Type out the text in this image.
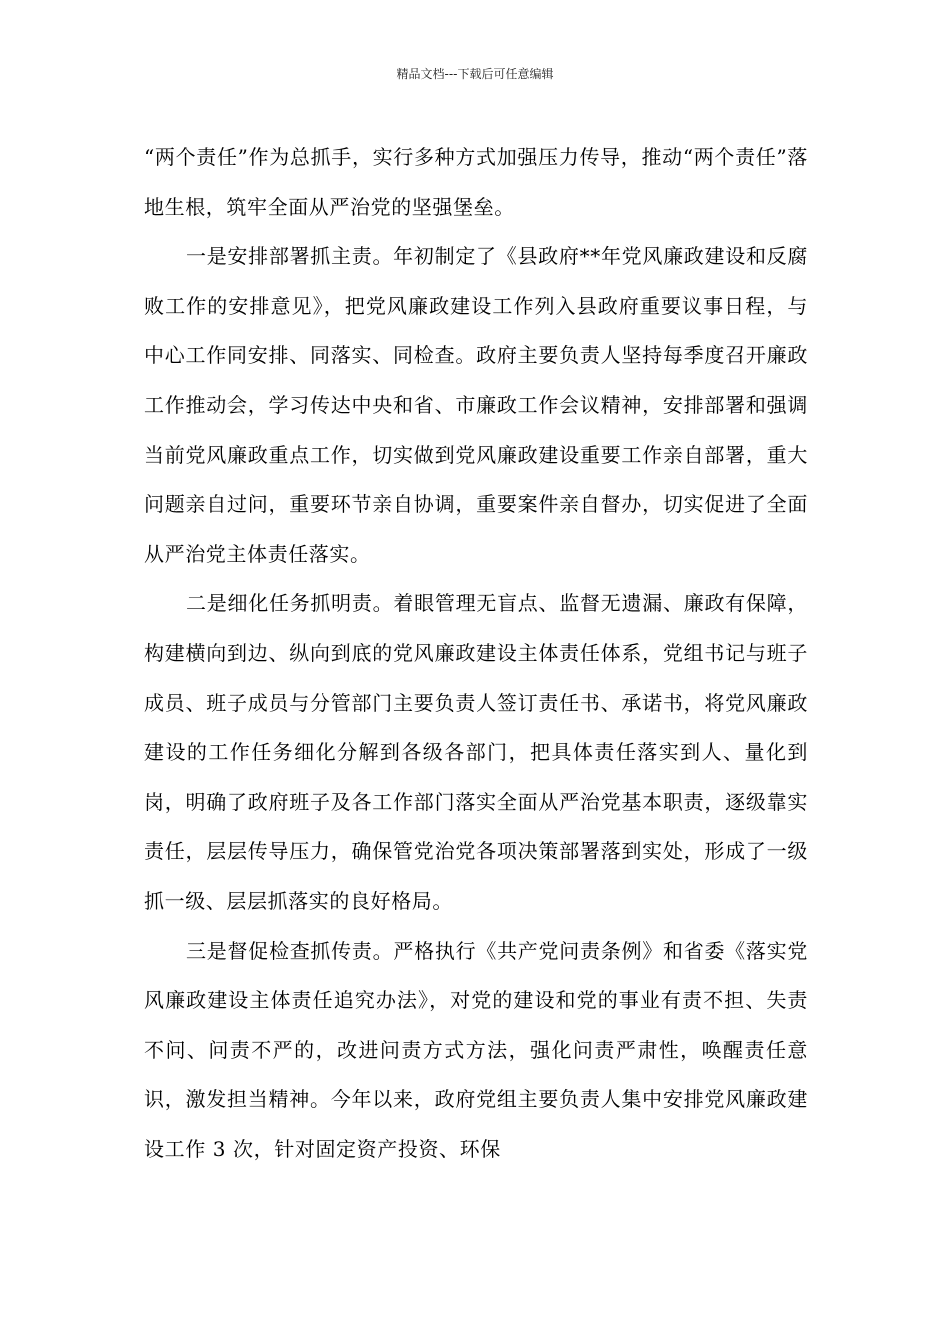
精品文档---下载后可任意编辑

“两个责任”作为总抓手，实行多种方式加强压力传导，推动“两个责任”落地生根，筑牢全面从严治党的坚强堡垒。

一是安排部署抓主责。年初制定了《县政府**年党风廉政建设和反腐败工作的安排意见》，把党风廉政建设工作列入县政府重要议事日程，与中心工作同安排、同落实、同检查。政府主要负责人坚持每季度召开廉政工作推动会，学习传达中央和省、市廉政工作会议精神，安排部署和强调当前党风廉政重点工作，切实做到党风廉政建设重要工作亲自部署，重大问题亲自过问，重要环节亲自协调，重要案件亲自督办，切实促进了全面从严治党主体责任落实。

二是细化任务抓明责。着眼管理无盲点、监督无遗漏、廉政有保障，构建横向到边、纵向到底的党风廉政建设主体责任体系，党组书记与班子成员、班子成员与分管部门主要负责人签订责任书、承诺书，将党风廉政建设的工作任务细化分解到各级各部门，把具体责任落实到人、量化到岗，明确了政府班子及各工作部门落实全面从严治党基本职责，逐级靠实责任，层层传导压力，确保管党治党各项决策部署落到实处，形成了一级抓一级、层层抓落实的良好格局。

三是督促检查抓传责。严格执行《共产党问责条例》和省委《落实党风廉政建设主体责任追究办法》，对党的建设和党的事业有责不担、失责不问、问责不严的，改进问责方式方法，强化问责严肃性，唤醒责任意识，激发担当精神。今年以来，政府党组主要负责人集中安排党风廉政建设工作 3 次，针对固定资产投资、环保
